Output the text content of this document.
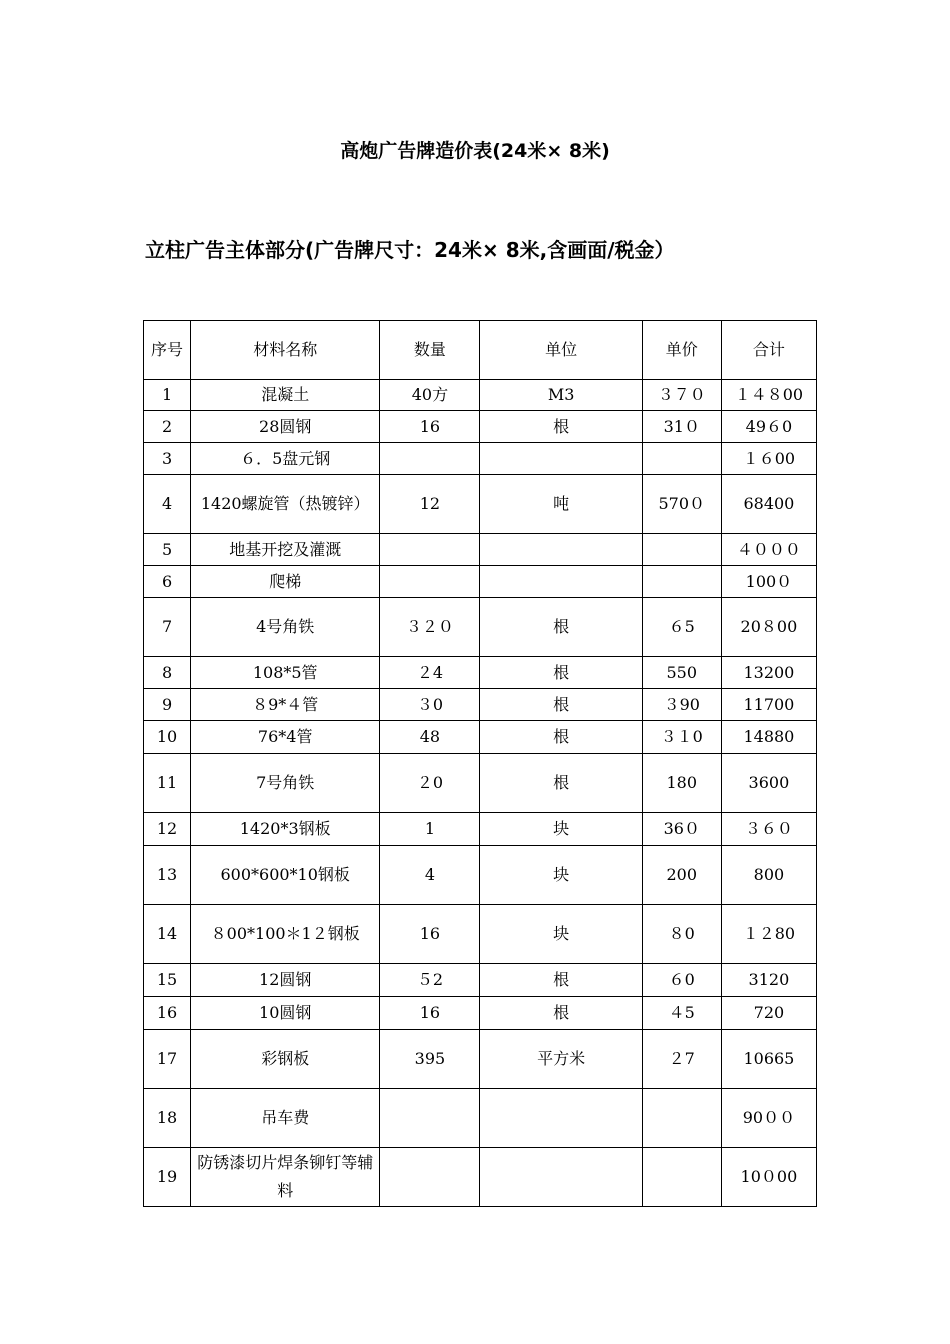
高炮广告牌造价表(24米× 8米)
立柱广告主体部分(广告牌尺寸：24米× 8米,含画面/税金）
序号	材料名称	数量	单位	单价	合计
1	混凝土	40方	M3	３７０	１４８00
2	28圆钢	16	根	31０	49６0
3	６．5盘元钢				１６00
4	1420螺旋管（热镀锌）	12	吨	570０	68400
5	地基开挖及灌溉				４０００
6	爬梯				100０
7	4号角铁	３２０	根	６5	20８00
8	108*5管	２4	根	550	13200
9	８9*４管	３0	根	３90	11700
10	76*4管	48	根	３１0	14880
11	7号角铁	２0	根	180	3600
12	1420*3钢板	1	块	36０	３６０
13	600*600*10钢板	4	块	200	800
14	８00*100＊1２钢板	16	块	８0	１２80
15	12圆钢	５2	根	６0	3120
16	10圆钢	16	根	４5	720
17	彩钢板	395	平方米	２7	10665
18	吊车费				90００
19	防锈漆切片焊条铆钉等辅料				10０00
